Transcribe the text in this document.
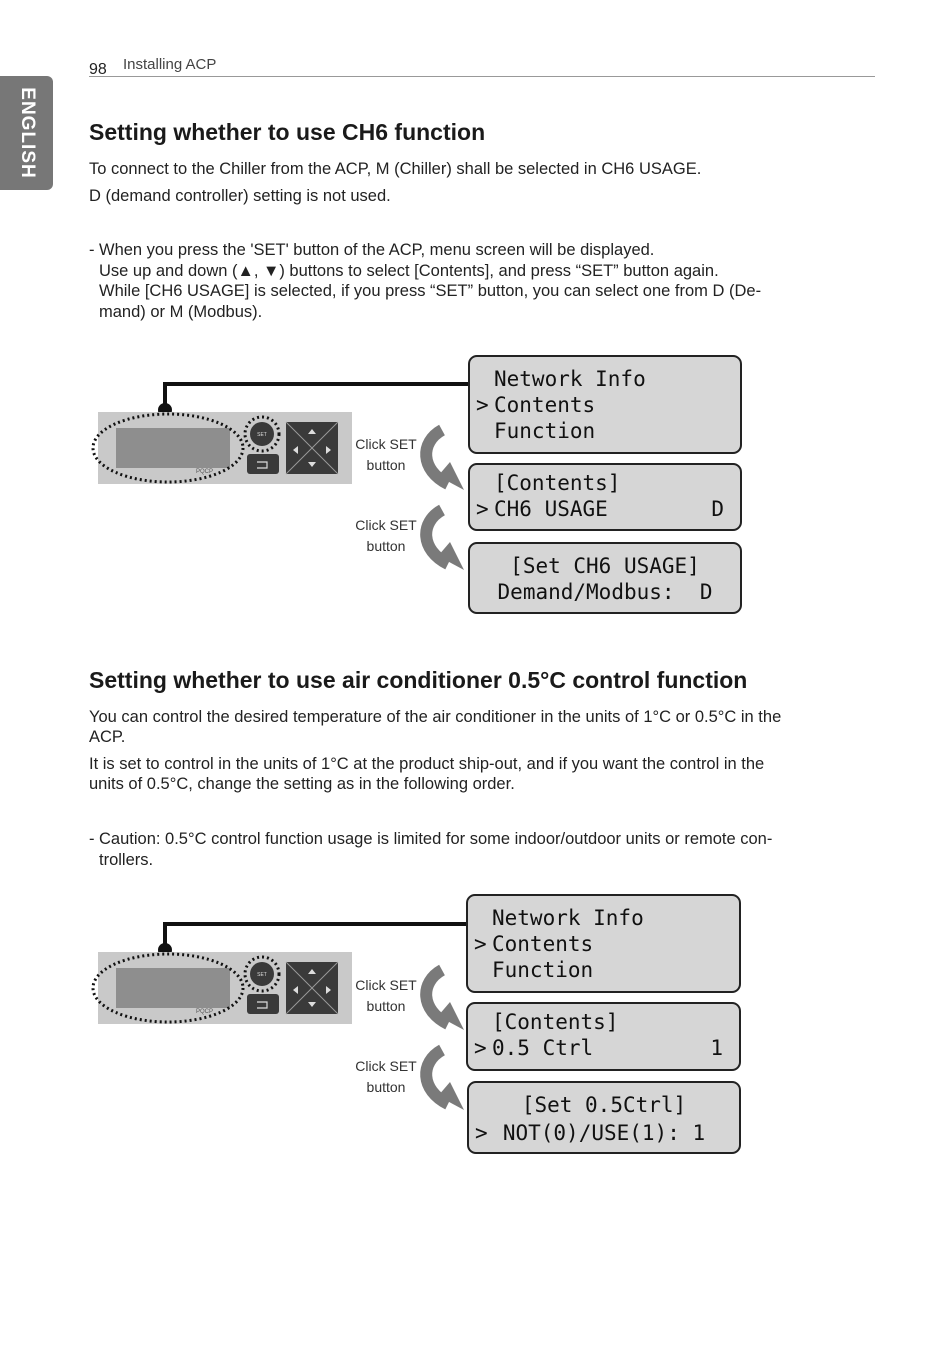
ENGLISH
98 Installing ACP
Setting whether to use CH6 function

To connect to the Chiller from the ACP, M (Chiller) shall be selected in CH6 USAGE.

D (demand controller) setting is not used.

- When you press the 'SET' button of the ACP, menu screen will be displayed.
Use up and down (▲, ▼) buttons to select [Contents], and press “SET” button again.
While [CH6 USAGE] is selected, if you press “SET” button, you can select one from D (De-
mand) or M (Modbus).
PQCP
SET
Click SET
button
Click SET
button
Network Info
> Contents
Function
[Contents]
> CH6 USAGE	D
[Set CH6 USAGE]
Demand/Modbus:  D
Setting whether to use air conditioner 0.5°C control function

You can control the desired temperature of the air conditioner in the units of 1°C or 0.5°C in the

ACP.

It is set to control in the units of 1°C at the product ship-out, and if you want the control in the

units of 0.5°C, change the setting as in the following order.

- Caution: 0.5°C control function usage is limited for some indoor/outdoor units or remote con-
trollers.
PQCP
SET
Click SET
button
Click SET
button
Network Info
> Contents
Function
[Contents]
> 0.5 Ctrl	1
[Set 0.5Ctrl]
> NOT(0)/USE(1): 1
